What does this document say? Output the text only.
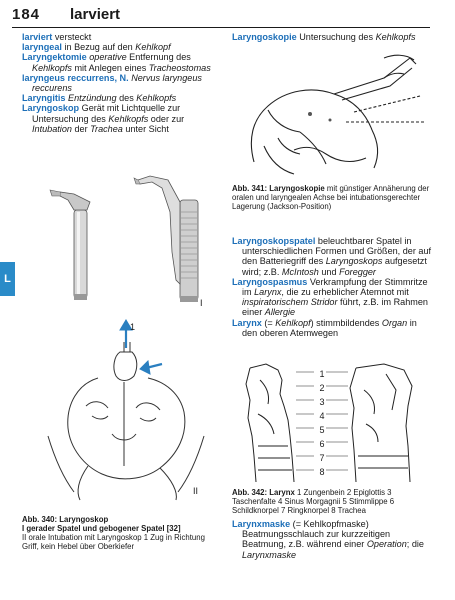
184 larviert
L

larviert versteckt

laryngeal in Bezug auf den Kehlkopf

Laryngektomie operative Entfernung des Kehlkopfs mit Anlegen eines Tracheostomas

laryngeus reccurrens, N. Nervus laryngeus reccurens

Laryngitis Entzündung des Kehlkopfs

Laryngoskop Gerät mit Lichtquelle zur Untersuchung des Kehlkopfs oder zur Intubation der Trachea unter Sicht

Laryngoskopie Untersuchung des Kehlkopfs

I
1
II
Abb. 340: Laryngoskop
I gerader Spatel und gebogener Spatel [32]
II orale Intubation mit Laryngoskop 1 Zug in Richtung Griff, kein Hebel über Oberkiefer
Abb. 341: Laryngoskopie mit günstiger Annäherung der oralen und laryngealen Achse bei intubationsgerechter Lagerung (Jackson-Position)

Laryngoskopspatel beleuchtbarer Spatel in unterschiedlichen Formen und Größen, der auf den Batteriegriff des Laryngoskops aufgesetzt wird; z.B. McIntosh und Foregger

Laryngospasmus Verkrampfung der Stimmritze im Larynx, die zu erheblicher Atemnot mit inspiratorischem Stridor führt, z.B. im Rahmen einer Allergie

Larynx (= Kehlkopf) stimmbildendes Organ in den oberen Atemwegen

1
2
3
4
5
6
7
8
Abb. 342: Larynx 1 Zungenbein 2 Epiglottis 3 Taschenfalte 4 Sinus Morgagnii 5 Stimmlippe 6 Schildknorpel 7 Ringknorpel 8 Trachea

Larynxmaske (= Kehlkopfmaske) Beatmungsschlauch zur kurzzeitigen Beatmung, z.B. während einer Operation; die Larynxmaske
